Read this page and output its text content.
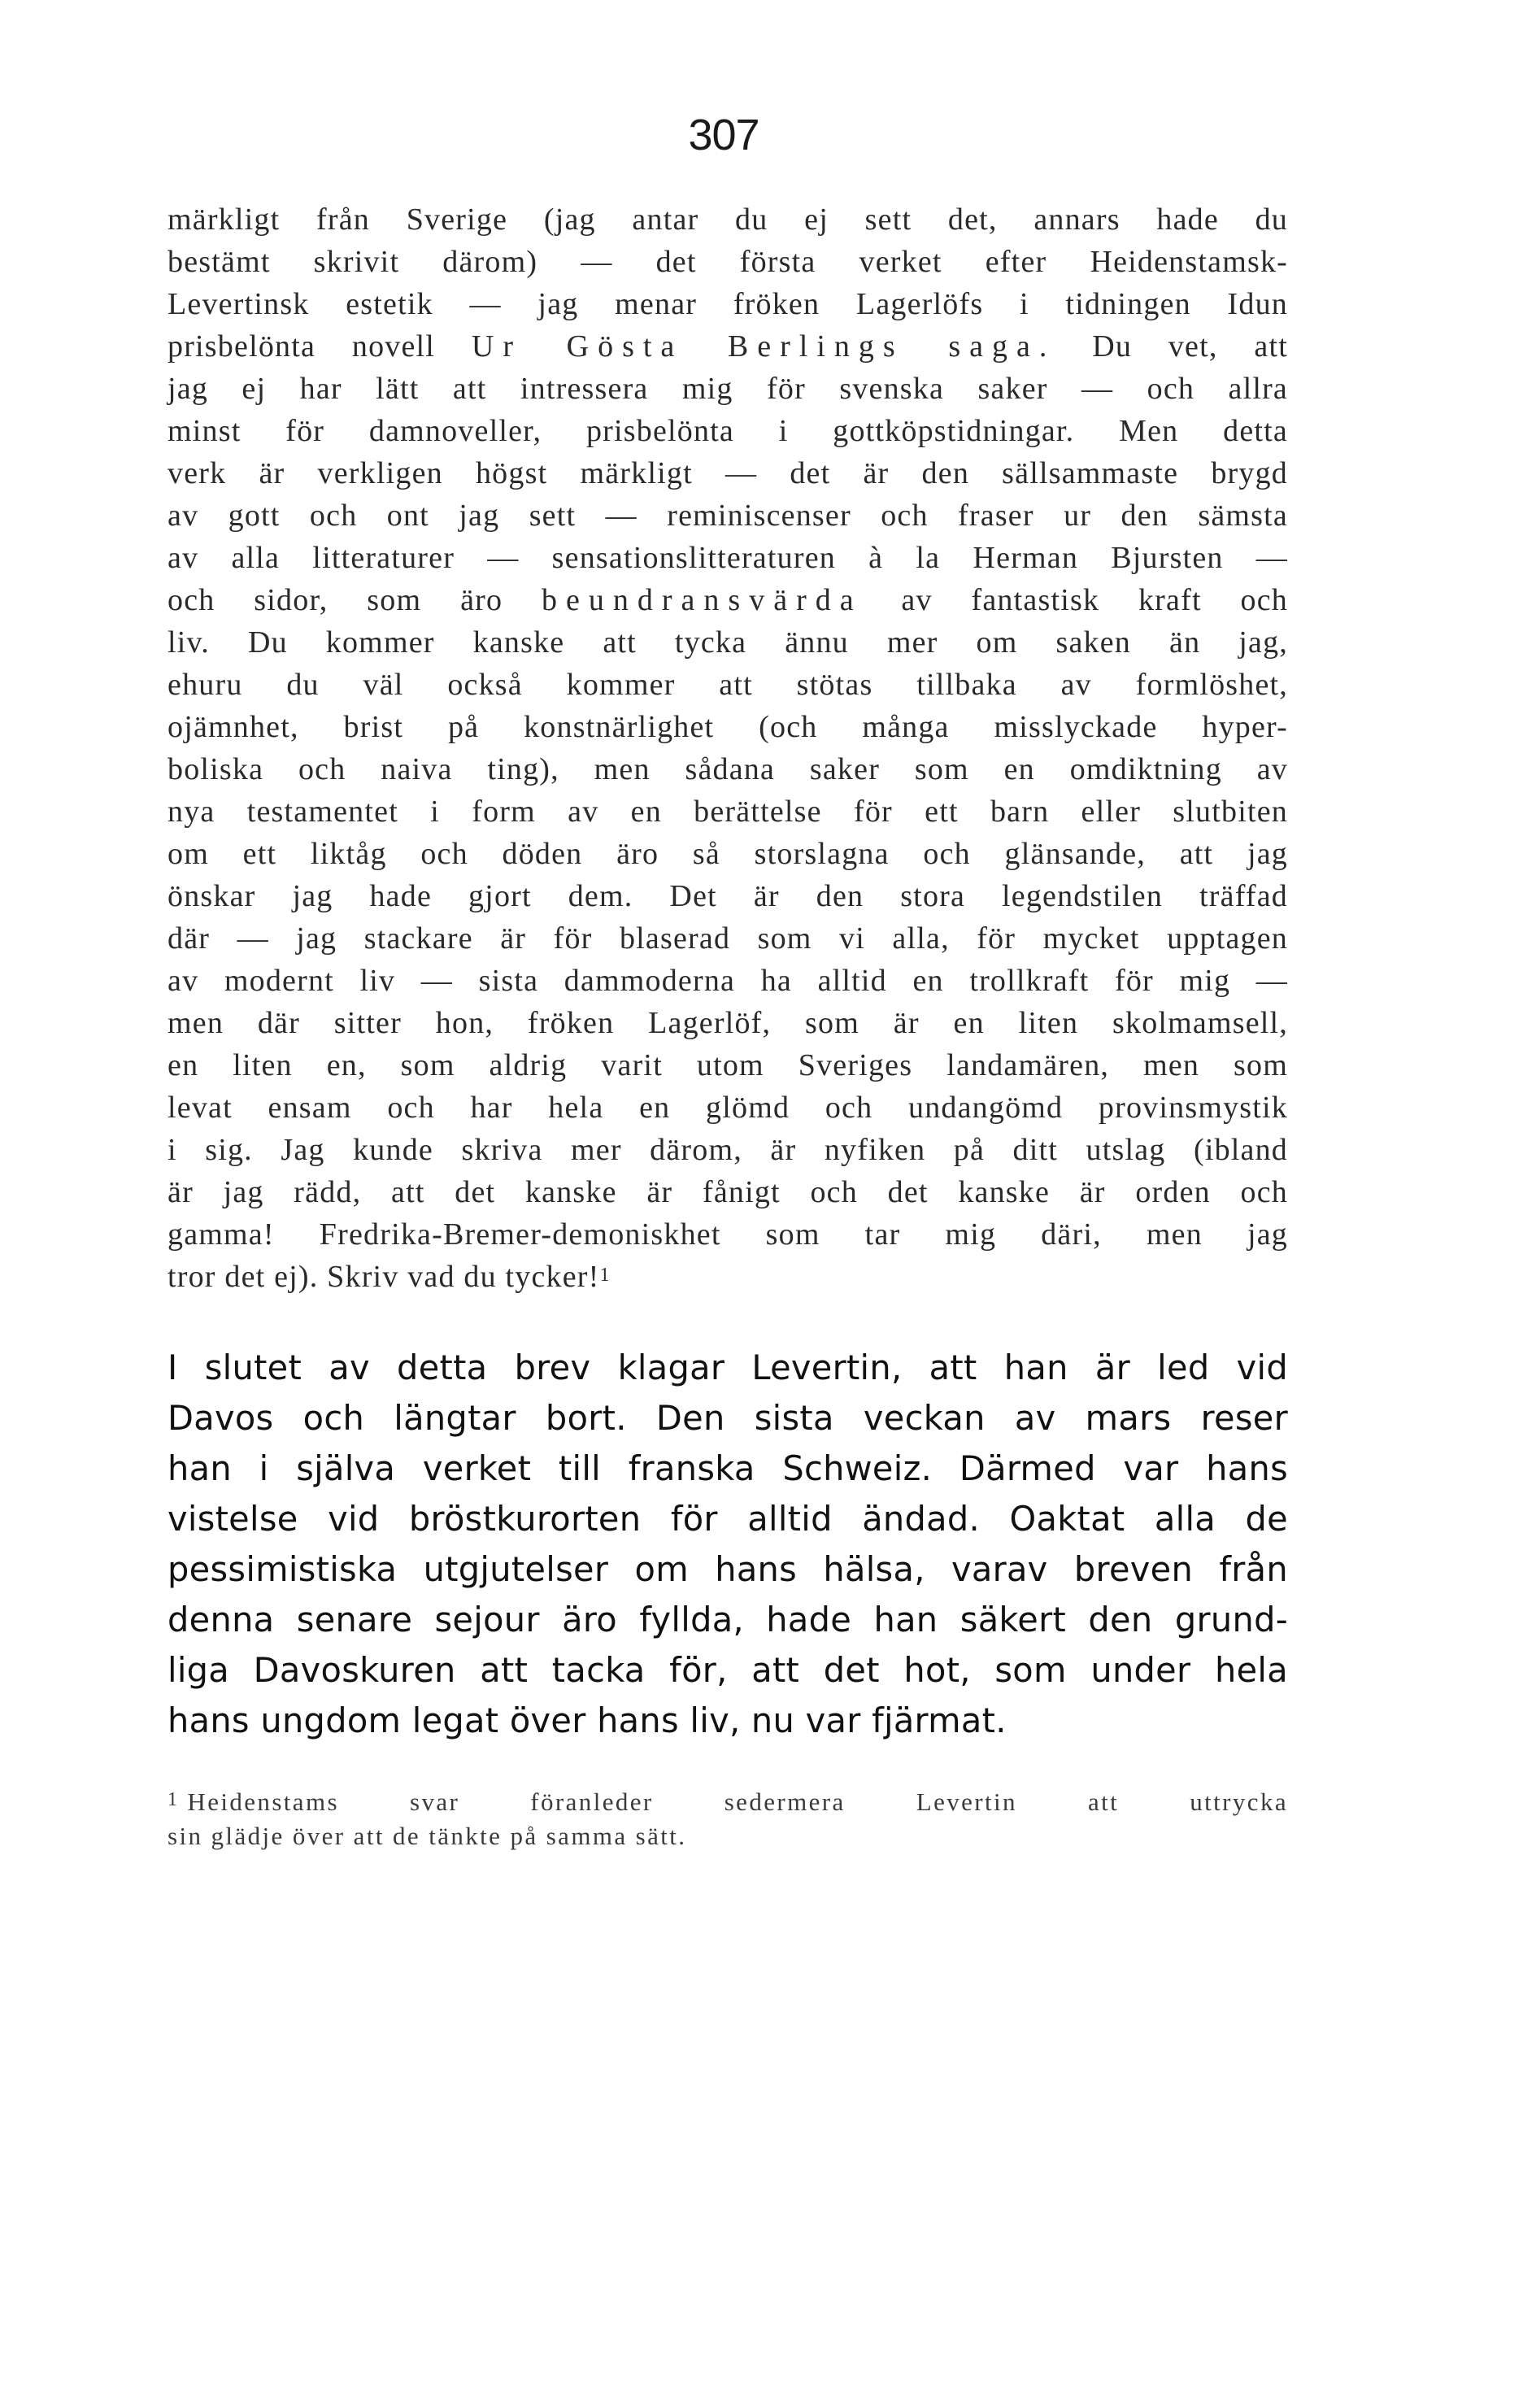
307
märkligt från Sverige (jag antar du ej sett det, annars hade du
bestämt skrivit därom) — det första verket efter Heidenstamsk-
Levertinsk estetik — jag menar fröken Lagerlöfs i tidningen Idun
prisbelönta novell Ur Gösta Berlings saga. Du vet, att
jag ej har lätt att intressera mig för svenska saker — och allra
minst för damnoveller, prisbelönta i gottköpstidningar. Men detta
verk är verkligen högst märkligt — det är den sällsammaste brygd
av gott och ont jag sett — reminiscenser och fraser ur den sämsta
av alla litteraturer — sensationslitteraturen à la Herman Bjursten —
och sidor, som äro beundransvärda av fantastisk kraft och
liv. Du kommer kanske att tycka ännu mer om saken än jag,
ehuru du väl också kommer att stötas tillbaka av formlöshet,
ojämnhet, brist på konstnärlighet (och många misslyckade hyper-
boliska och naiva ting), men sådana saker som en omdiktning av
nya testamentet i form av en berättelse för ett barn eller slutbiten
om ett liktåg och döden äro så storslagna och glänsande, att jag
önskar jag hade gjort dem. Det är den stora legendstilen träffad
där — jag stackare är för blaserad som vi alla, för mycket upptagen
av modernt liv — sista dammoderna ha alltid en trollkraft för mig —
men där sitter hon, fröken Lagerlöf, som är en liten skolmamsell,
en liten en, som aldrig varit utom Sveriges landamären, men som
levat ensam och har hela en glömd och undangömd provinsmystik
i sig. Jag kunde skriva mer därom, är nyfiken på ditt utslag (ibland
är jag rädd, att det kanske är fånigt och det kanske är orden och
gamma! Fredrika-Bremer-demoniskhet som tar mig däri, men jag
tror det ej). Skriv vad du tycker!$^1$
I slutet av detta brev klagar Levertin, att han är led vid
Davos och längtar bort. Den sista veckan av mars reser
han i själva verket till franska Schweiz. Därmed var hans
vistelse vid bröstkurorten för alltid ändad. Oaktat alla de
pessimistiska utgjutelser om hans hälsa, varav breven från
denna senare sejour äro fyllda, hade han säkert den grund-
liga Davoskuren att tacka för, att det hot, som under hela
hans ungdom legat över hans liv, nu var fjärmat.
$^1$ Heidenstams svar föranleder sedermera Levertin att uttrycka
sin glädje över att de tänkte på samma sätt.
